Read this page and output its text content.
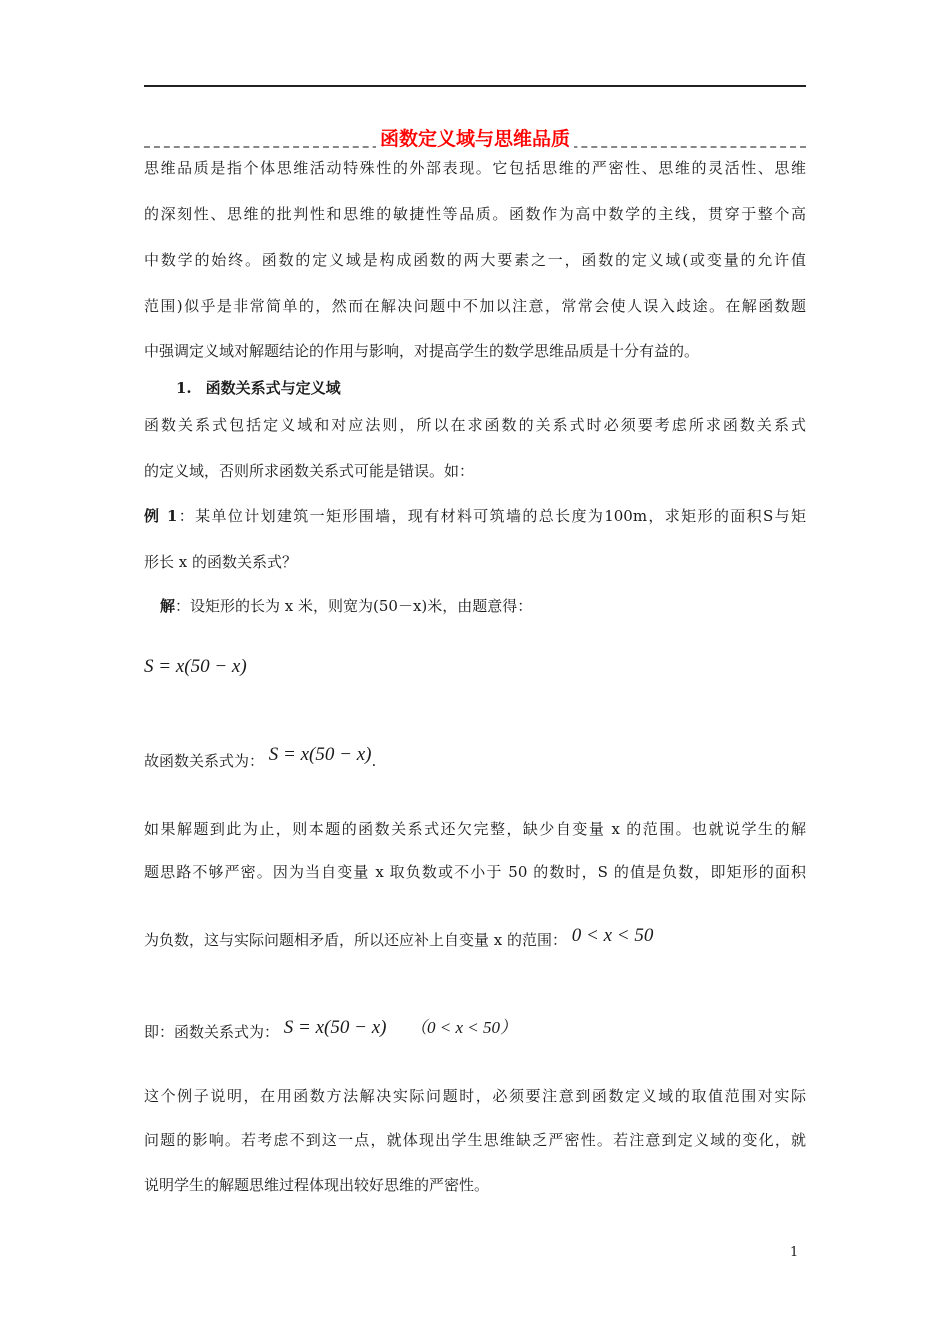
函数定义域与思维品质
思维品质是指个体思维活动特殊性的外部表现。它包括思维的严密性、思维的灵活性、思维
的深刻性、思维的批判性和思维的敏捷性等品质。函数作为高中数学的主线，贯穿于整个高
中数学的始终。函数的定义域是构成函数的两大要素之一，函数的定义域(或变量的允许值
范围)似乎是非常简单的，然而在解决问题中不加以注意，常常会使人误入歧途。在解函数题
中强调定义域对解题结论的作用与影响，对提高学生的数学思维品质是十分有益的。
1. 函数关系式与定义域
函数关系式包括定义域和对应法则，所以在求函数的关系式时必须要考虑所求函数关系式
的定义域，否则所求函数关系式可能是错误。如：
例 1：某单位计划建筑一矩形围墙，现有材料可筑墙的总长度为100m，求矩形的面积S与矩
形长 x 的函数关系式？
解：设矩形的长为 x 米，则宽为(50－x)米，由题意得：
S = x(50 − x)
故函数关系式为： S = x(50 − x).
如果解题到此为止，则本题的函数关系式还欠完整，缺少自变量 x 的范围。也就说学生的解
题思路不够严密。因为当自变量 x 取负数或不小于 50 的数时，S 的值是负数，即矩形的面积
为负数，这与实际问题相矛盾，所以还应补上自变量 x 的范围： 0 < x < 50
即：函数关系式为： S = x(50 − x) （0 < x < 50）
这个例子说明，在用函数方法解决实际问题时，必须要注意到函数定义域的取值范围对实际
问题的影响。若考虑不到这一点，就体现出学生思维缺乏严密性。若注意到定义域的变化，就
说明学生的解题思维过程体现出较好思维的严密性。
1
